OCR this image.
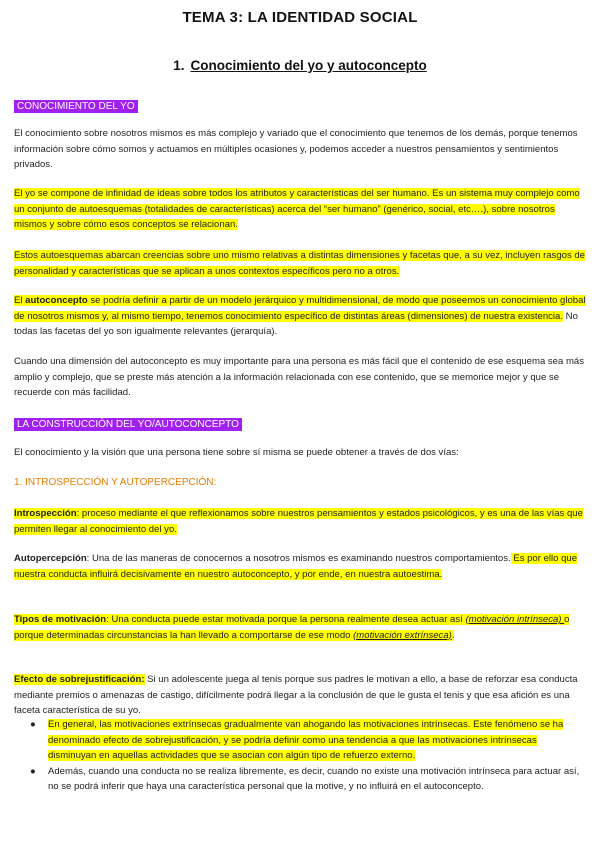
TEMA 3: LA IDENTIDAD SOCIAL
1. Conocimiento del yo y autoconcepto
CONOCIMIENTO DEL YO

El conocimiento sobre nosotros mismos es más complejo y variado que el conocimiento que tenemos de los demás, porque tenemos información sobre cómo somos y actuamos en múltiples ocasiones y, podemos acceder a nuestros pensamientos y sentimientos privados.

El yo se compone de infinidad de ideas sobre todos los atributos y características del ser humano. Es un sistema muy complejo como un conjunto de autoesquemas (totalidades de características) acerca del “ser humano” (genérico, social, etc….), sobre nosotros mismos y sobre cómo esos conceptos se relacionan.

Estos autoesquemas abarcan creencias sobre uno mismo relativas a distintas dimensiones y facetas que, a su vez, incluyen rasgos de personalidad y características que se aplican a unos contextos específicos pero no a otros.

El autoconcepto se podría definir a partir de un modelo jerárquico y multidimensional, de modo que poseemos un conocimiento global de nosotros mismos y, al mismo tiempo, tenemos conocimiento específico de distintas áreas (dimensiones) de nuestra existencia. No todas las facetas del yo son igualmente relevantes (jerarquía).

Cuando una dimensión del autoconcepto es muy importante para una persona es más fácil que el contenido de ese esquema sea más amplio y complejo, que se preste más atención a la información relacionada con ese contenido, que se memorice mejor y que se recuerde con más facilidad.

LA CONSTRUCCIÓN DEL YO/AUTOCONCEPTO

El conocimiento y la visión que una persona tiene sobre sí misma se puede obtener a través de dos vías:

1. INTROSPECCIÓN Y AUTOPERCEPCIÓN:

Introspección: proceso mediante el que reflexionamos sobre nuestros pensamientos y estados psicológicos, y es una de las vías que permiten llegar al conocimiento del yo.

Autopercepción: Una de las maneras de conocernos a nosotros mismos es examinando nuestros comportamientos. Es por ello que nuestra conducta influirá decisivamente en nuestro autoconcepto, y por ende, en nuestra autoestima.

Tipos de motivación: Una conducta puede estar motivada porque la persona realmente desea actuar así (motivación intrínseca) o porque determinadas circunstancias la han llevado a comportarse de ese modo (motivación extrínseca).

Efecto de sobrejustificación: Si un adolescente juega al tenis porque sus padres le motivan a ello, a base de reforzar esa conducta mediante premios o amenazas de castigo, difícilmente podrá llegar a la conclusión de que le gusta el tenis y que esa afición es una faceta característica de su yo.

● En general, las motivaciones extrínsecas gradualmente van ahogando las motivaciones intrínsecas. Este fenómeno se ha denominado efecto de sobrejustificación, y se podría definir como una tendencia a que las motivaciones intrínsecas disminuyan en aquellas actividades que se asocian con algún tipo de refuerzo externo.
● Además, cuando una conducta no se realiza libremente, es decir, cuando no existe una motivación intrínseca para actuar así, no se podrá inferir que haya una característica personal que la motive, y no influirá en el autoconcepto.
